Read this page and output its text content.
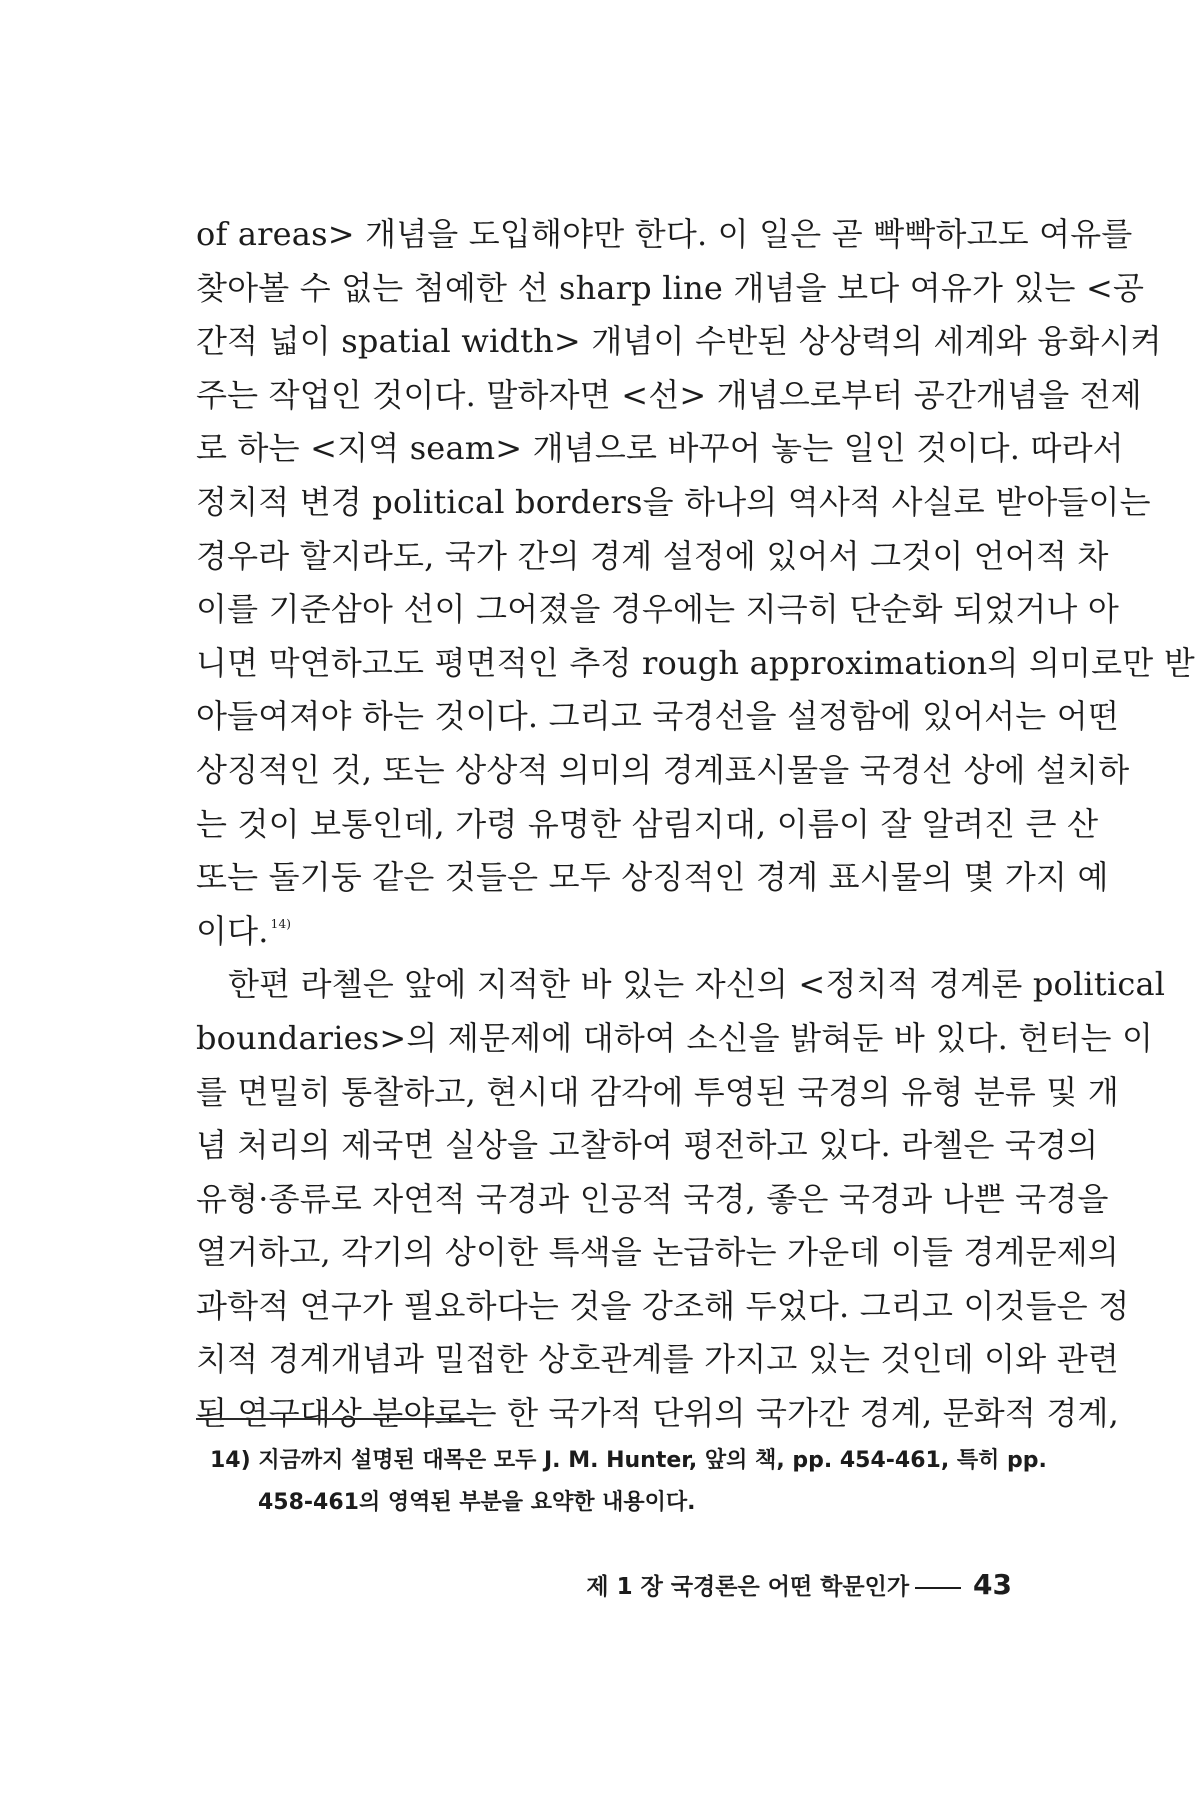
of areas> 개념을 도입해야만 한다. 이 일은 곧 빡빡하고도 여유를
찾아볼 수 없는 첨예한 선 sharp line 개념을 보다 여유가 있는 <공
간적 넓이 spatial width> 개념이 수반된 상상력의 세계와 융화시켜
주는 작업인 것이다. 말하자면 <선> 개념으로부터 공간개념을 전제
로 하는 <지역 seam> 개념으로 바꾸어 놓는 일인 것이다. 따라서
정치적 변경 political borders을 하나의 역사적 사실로 받아들이는
경우라 할지라도, 국가 간의 경계 설정에 있어서 그것이 언어적 차
이를 기준삼아 선이 그어졌을 경우에는 지극히 단순화 되었거나 아
니면 막연하고도 평면적인 추정 rough approximation의 의미로만 받
아들여져야 하는 것이다. 그리고 국경선을 설정함에 있어서는 어떤
상징적인 것, 또는 상상적 의미의 경계표시물을 국경선 상에 설치하
는 것이 보통인데, 가령 유명한 삼림지대, 이름이 잘 알려진 큰 산
또는 돌기둥 같은 것들은 모두 상징적인 경계 표시물의 몇 가지 예
이다. $^{14)}$
한편 라첼은 앞에 지적한 바 있는 자신의 <정치적 경계론 political
boundaries>의 제문제에 대하여 소신을 밝혀둔 바 있다. 헌터는 이
를 면밀히 통찰하고, 현시대 감각에 투영된 국경의 유형 분류 및 개
념 처리의 제국면 실상을 고찰하여 평전하고 있다. 라첼은 국경의
유형·종류로 자연적 국경과 인공적 국경, 좋은 국경과 나쁜 국경을
열거하고, 각기의 상이한 특색을 논급하는 가운데 이들 경계문제의
과학적 연구가 필요하다는 것을 강조해 두었다. 그리고 이것들은 정
치적 경계개념과 밀접한 상호관계를 가지고 있는 것인데 이와 관련
된 연구대상 분야로는 한 국가적 단위의 국가간 경계, 문화적 경계,
14) 지금까지 설명된 대목은 모두 J. M. Hunter, 앞의 책, pp. 454-461, 특히 pp.
458-461의 영역된 부분을 요약한 내용이다.
제 1 장 국경론은 어떤 학문인가 43
